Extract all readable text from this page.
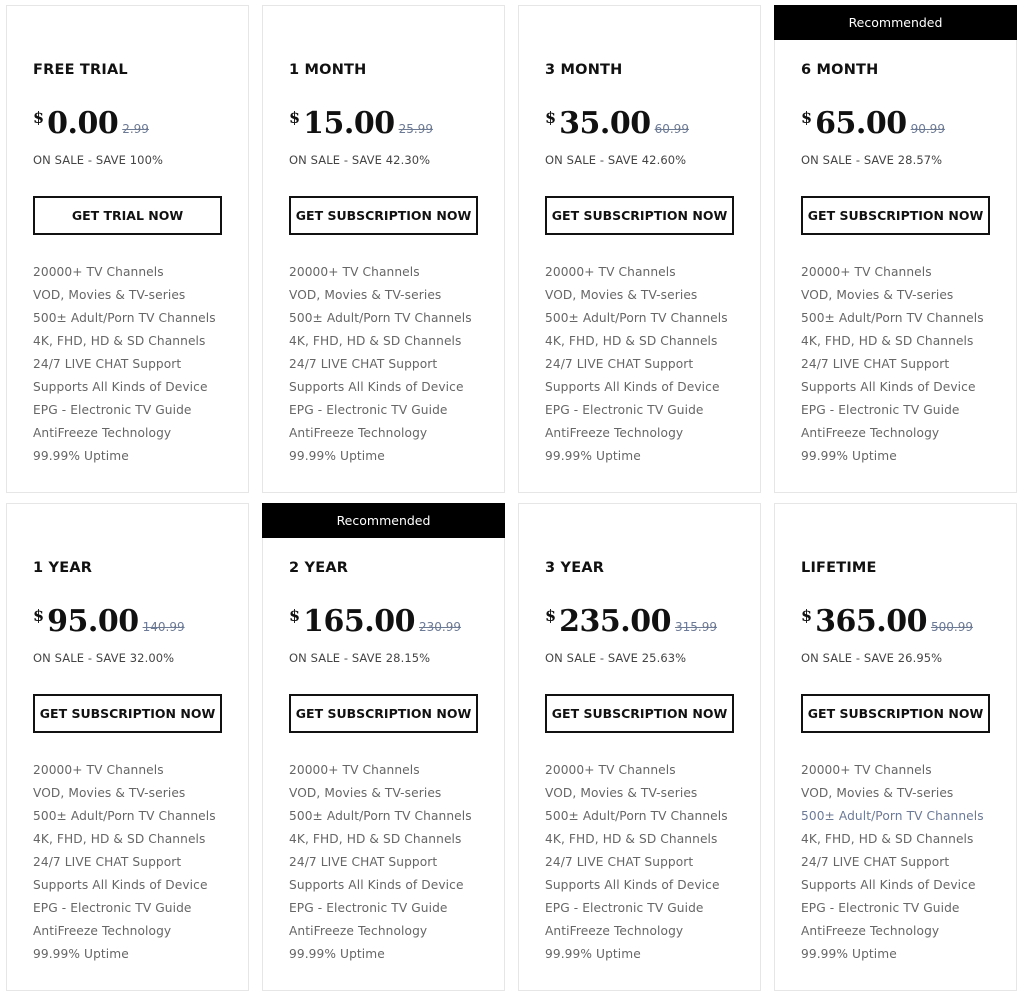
FREE TRIAL
$ 0.00 2.99
ON SALE - SAVE 100%
GET TRIAL NOW
20000+ TV Channels
VOD, Movies & TV-series
500± Adult/Porn TV Channels
4K, FHD, HD & SD Channels
24/7 LIVE CHAT Support
Supports All Kinds of Device
EPG - Electronic TV Guide
AntiFreeze Technology
99.99% Uptime
1 MONTH
$ 15.00 25.99
ON SALE - SAVE 42.30%
GET SUBSCRIPTION NOW
20000+ TV Channels
VOD, Movies & TV-series
500± Adult/Porn TV Channels
4K, FHD, HD & SD Channels
24/7 LIVE CHAT Support
Supports All Kinds of Device
EPG - Electronic TV Guide
AntiFreeze Technology
99.99% Uptime
3 MONTH
$ 35.00 60.99
ON SALE - SAVE 42.60%
GET SUBSCRIPTION NOW
20000+ TV Channels
VOD, Movies & TV-series
500± Adult/Porn TV Channels
4K, FHD, HD & SD Channels
24/7 LIVE CHAT Support
Supports All Kinds of Device
EPG - Electronic TV Guide
AntiFreeze Technology
99.99% Uptime
Recommended
6 MONTH
$ 65.00 90.99
ON SALE - SAVE 28.57%
GET SUBSCRIPTION NOW
20000+ TV Channels
VOD, Movies & TV-series
500± Adult/Porn TV Channels
4K, FHD, HD & SD Channels
24/7 LIVE CHAT Support
Supports All Kinds of Device
EPG - Electronic TV Guide
AntiFreeze Technology
99.99% Uptime
1 YEAR
$ 95.00 140.99
ON SALE - SAVE 32.00%
GET SUBSCRIPTION NOW
20000+ TV Channels
VOD, Movies & TV-series
500± Adult/Porn TV Channels
4K, FHD, HD & SD Channels
24/7 LIVE CHAT Support
Supports All Kinds of Device
EPG - Electronic TV Guide
AntiFreeze Technology
99.99% Uptime
Recommended
2 YEAR
$ 165.00 230.99
ON SALE - SAVE 28.15%
GET SUBSCRIPTION NOW
20000+ TV Channels
VOD, Movies & TV-series
500± Adult/Porn TV Channels
4K, FHD, HD & SD Channels
24/7 LIVE CHAT Support
Supports All Kinds of Device
EPG - Electronic TV Guide
AntiFreeze Technology
99.99% Uptime
3 YEAR
$ 235.00 315.99
ON SALE - SAVE 25.63%
GET SUBSCRIPTION NOW
20000+ TV Channels
VOD, Movies & TV-series
500± Adult/Porn TV Channels
4K, FHD, HD & SD Channels
24/7 LIVE CHAT Support
Supports All Kinds of Device
EPG - Electronic TV Guide
AntiFreeze Technology
99.99% Uptime
LIFETIME
$ 365.00 500.99
ON SALE - SAVE 26.95%
GET SUBSCRIPTION NOW
20000+ TV Channels
VOD, Movies & TV-series
500± Adult/Porn TV Channels
4K, FHD, HD & SD Channels
24/7 LIVE CHAT Support
Supports All Kinds of Device
EPG - Electronic TV Guide
AntiFreeze Technology
99.99% Uptime
